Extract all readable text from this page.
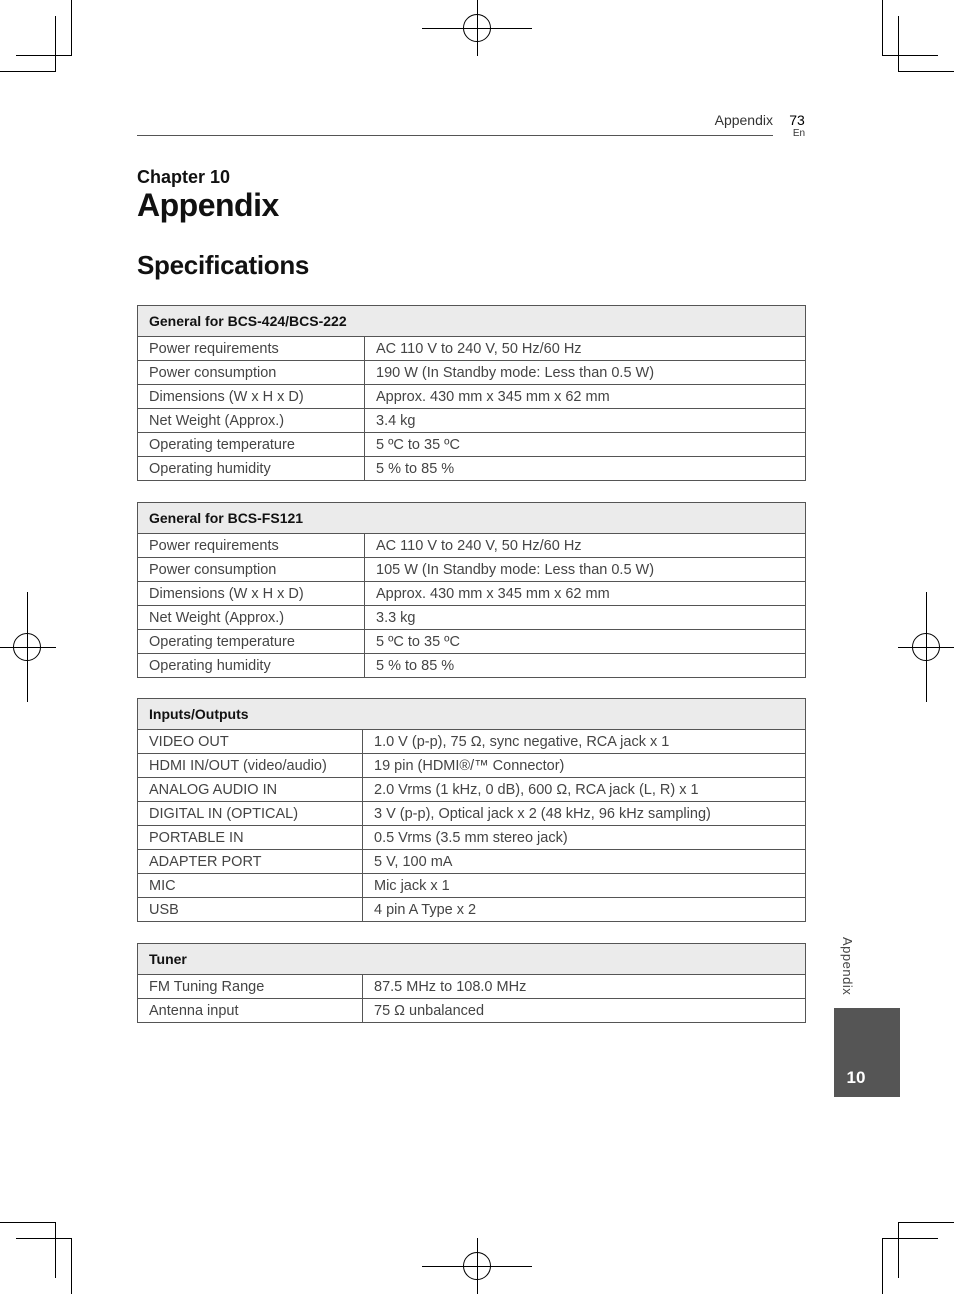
Appendix 73
En
Chapter 10
Appendix
Specifications
General for BCS-424/BCS-222	
Power requirements	AC 110 V to 240 V, 50 Hz/60 Hz
Power consumption	190 W (In Standby mode: Less than 0.5 W)
Dimensions (W x H x D)	Approx. 430 mm x 345 mm x 62 mm
Net Weight (Approx.)	3.4 kg
Operating temperature	5 ºC to 35 ºC
Operating humidity	5 % to 85 %
General for BCS-FS121	
Power requirements	AC 110 V to 240 V, 50 Hz/60 Hz
Power consumption	105 W (In Standby mode: Less than 0.5 W)
Dimensions (W x H x D)	Approx. 430 mm x 345 mm x 62 mm
Net Weight (Approx.)	3.3 kg
Operating temperature	5 ºC to 35 ºC
Operating humidity	5 % to 85 %
Inputs/Outputs	
VIDEO OUT	1.0 V (p-p), 75 Ω, sync negative, RCA jack x 1
HDMI IN/OUT (video/audio)	19 pin (HDMI®/™ Connector)
ANALOG AUDIO IN	2.0 Vrms (1 kHz, 0 dB), 600 Ω, RCA jack (L, R) x 1
DIGITAL IN (OPTICAL)	3 V (p-p), Optical jack x 2 (48 kHz, 96 kHz sampling)
PORTABLE IN	0.5 Vrms (3.5 mm stereo jack)
ADAPTER PORT	5 V, 100 mA
MIC	Mic jack x 1
USB	4 pin A Type x 2
Tuner	
FM Tuning Range	87.5 MHz to 108.0 MHz
Antenna input	75 Ω unbalanced
Appendix
10
